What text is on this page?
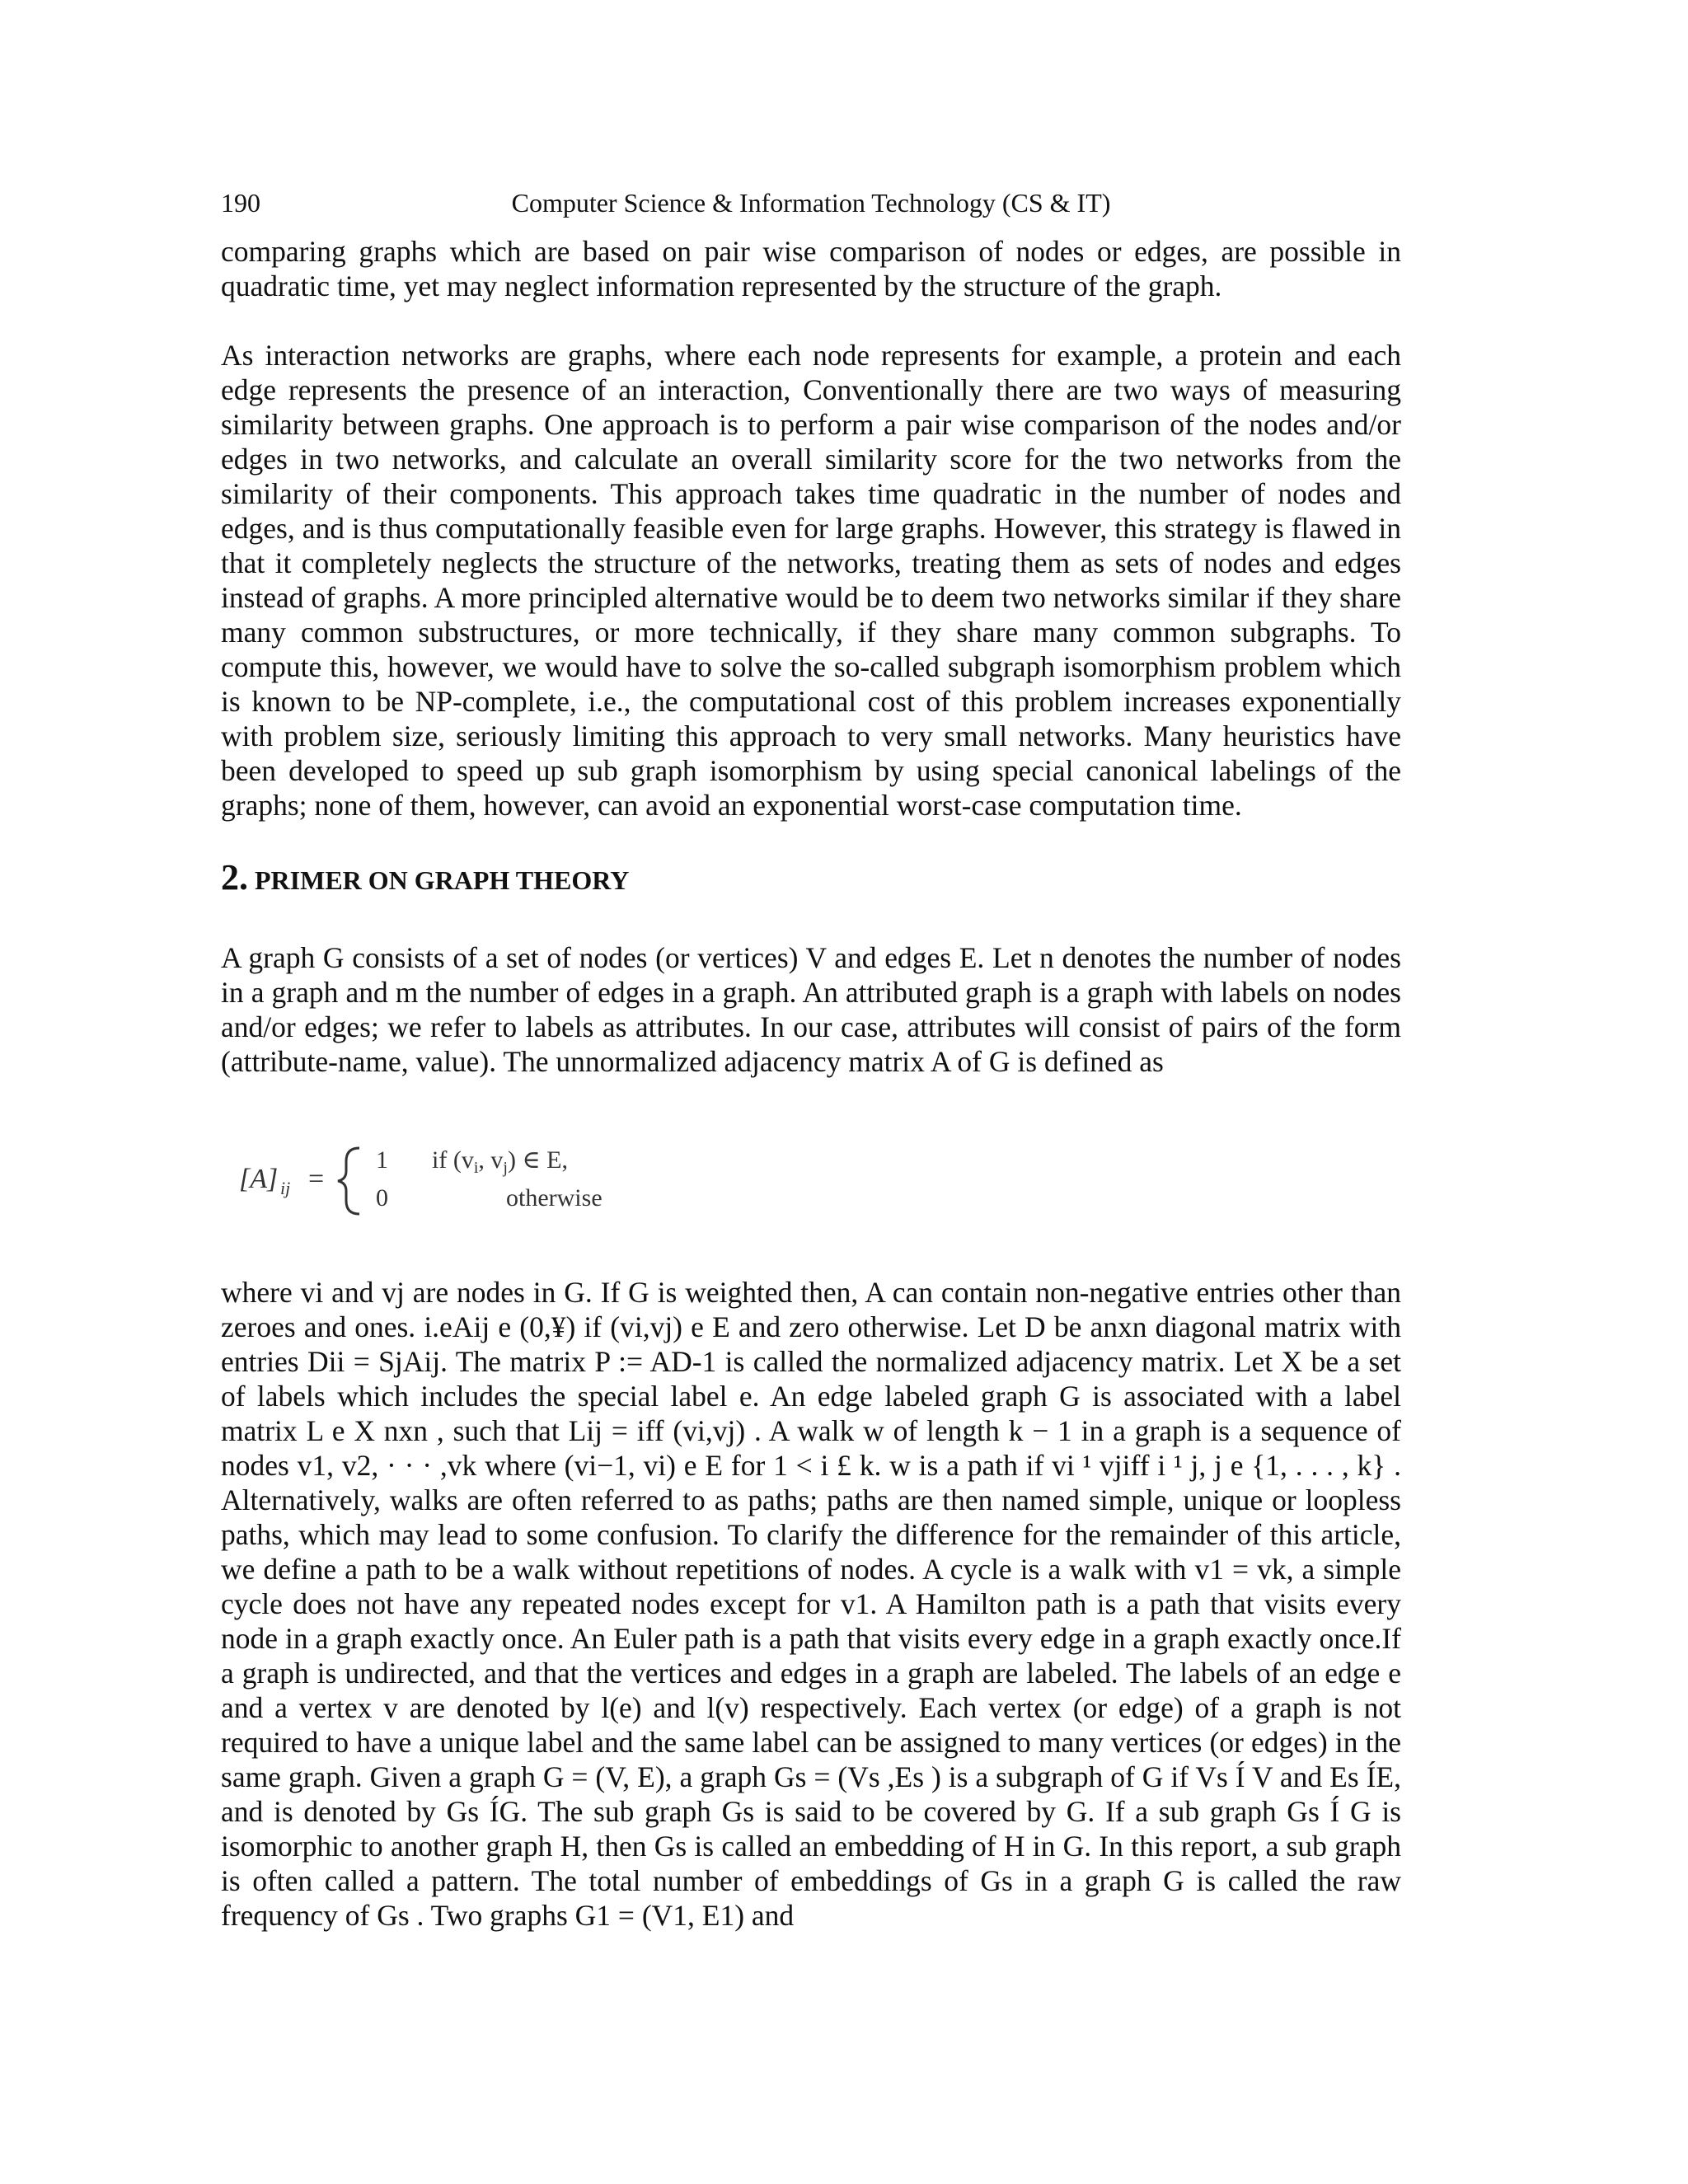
190	Computer Science & Information Technology (CS & IT)

comparing graphs which are based on pair wise comparison of nodes or edges, are possible in quadratic time, yet may neglect information represented by the structure of the graph.

As interaction networks are graphs, where each node represents for example, a protein and each edge represents the presence of an interaction, Conventionally there are two ways of measuring similarity between graphs. One approach is to perform a pair wise comparison of the nodes and/or edges in two networks, and calculate an overall similarity score for the two networks from the similarity of their components. This approach takes time quadratic in the number of nodes and edges, and is thus computationally feasible even for large graphs. However, this strategy is flawed in that it completely neglects the structure of the networks, treating them as sets of nodes and edges instead of graphs. A more principled alternative would be to deem two networks similar if they share many common substructures, or more technically, if they share many common subgraphs. To compute this, however, we would have to solve the so-called subgraph isomorphism problem which is known to be NP-complete, i.e., the computational cost of this problem increases exponentially with problem size, seriously limiting this approach to very small networks. Many heuristics have been developed to speed up sub graph isomorphism by using special canonical labelings of the graphs; none of them, however, can avoid an exponential worst-case computation time.

2. PRIMER ON GRAPH THEORY

A graph G consists of a set of nodes (or vertices) V and edges E. Let n denotes the number of nodes in a graph and m the number of edges in a graph. An attributed graph is a graph with labels on nodes and/or edges; we refer to labels as attributes. In our case, attributes will consist of pairs of the form (attribute-name, value). The unnormalized adjacency matrix A of G is defined as

[A] ij =
1 if ($v_i$, $v_j$) ∈ E,
0	otherwise

where vi and vj are nodes in G. If G is weighted then, A can contain non-negative entries other than zeroes and ones. i.eAij e (0,¥) if (vi,vj) e E and zero otherwise. Let D be anxn diagonal matrix with entries Dii = SjAij. The matrix P := AD-1 is called the normalized adjacency matrix. Let X be a set of labels which includes the special label e. An edge labeled graph G is associated with a label matrix L e X nxn , such that Lij = iff (vi,vj) . A walk w of length k − 1 in a graph is a sequence of nodes v1, v2, · · · ,vk where (vi−1, vi) e E for 1 < i £ k. w is a path if vi ¹ vjiff i ¹ j, j e {1, . . . , k} . Alternatively, walks are often referred to as paths; paths are then named simple, unique or loopless paths, which may lead to some confusion. To clarify the difference for the remainder of this article, we define a path to be a walk without repetitions of nodes. A cycle is a walk with v1 = vk, a simple cycle does not have any repeated nodes except for v1. A Hamilton path is a path that visits every node in a graph exactly once. An Euler path is a path that visits every edge in a graph exactly once.If a graph is undirected, and that the vertices and edges in a graph are labeled. The labels of an edge e and a vertex v are denoted by l(e) and l(v) respectively. Each vertex (or edge) of a graph is not required to have a unique label and the same label can be assigned to many vertices (or edges) in the same graph. Given a graph G = (V, E), a graph Gs = (Vs ,Es ) is a subgraph of G if Vs Í V and Es ÍE, and is denoted by Gs ÍG. The sub graph Gs is said to be covered by G. If a sub graph Gs Í G is isomorphic to another graph H, then Gs is called an embedding of H in G. In this report, a sub graph is often called a pattern. The total number of embeddings of Gs in a graph G is called the raw frequency of Gs . Two graphs G1 = (V1, E1) and
